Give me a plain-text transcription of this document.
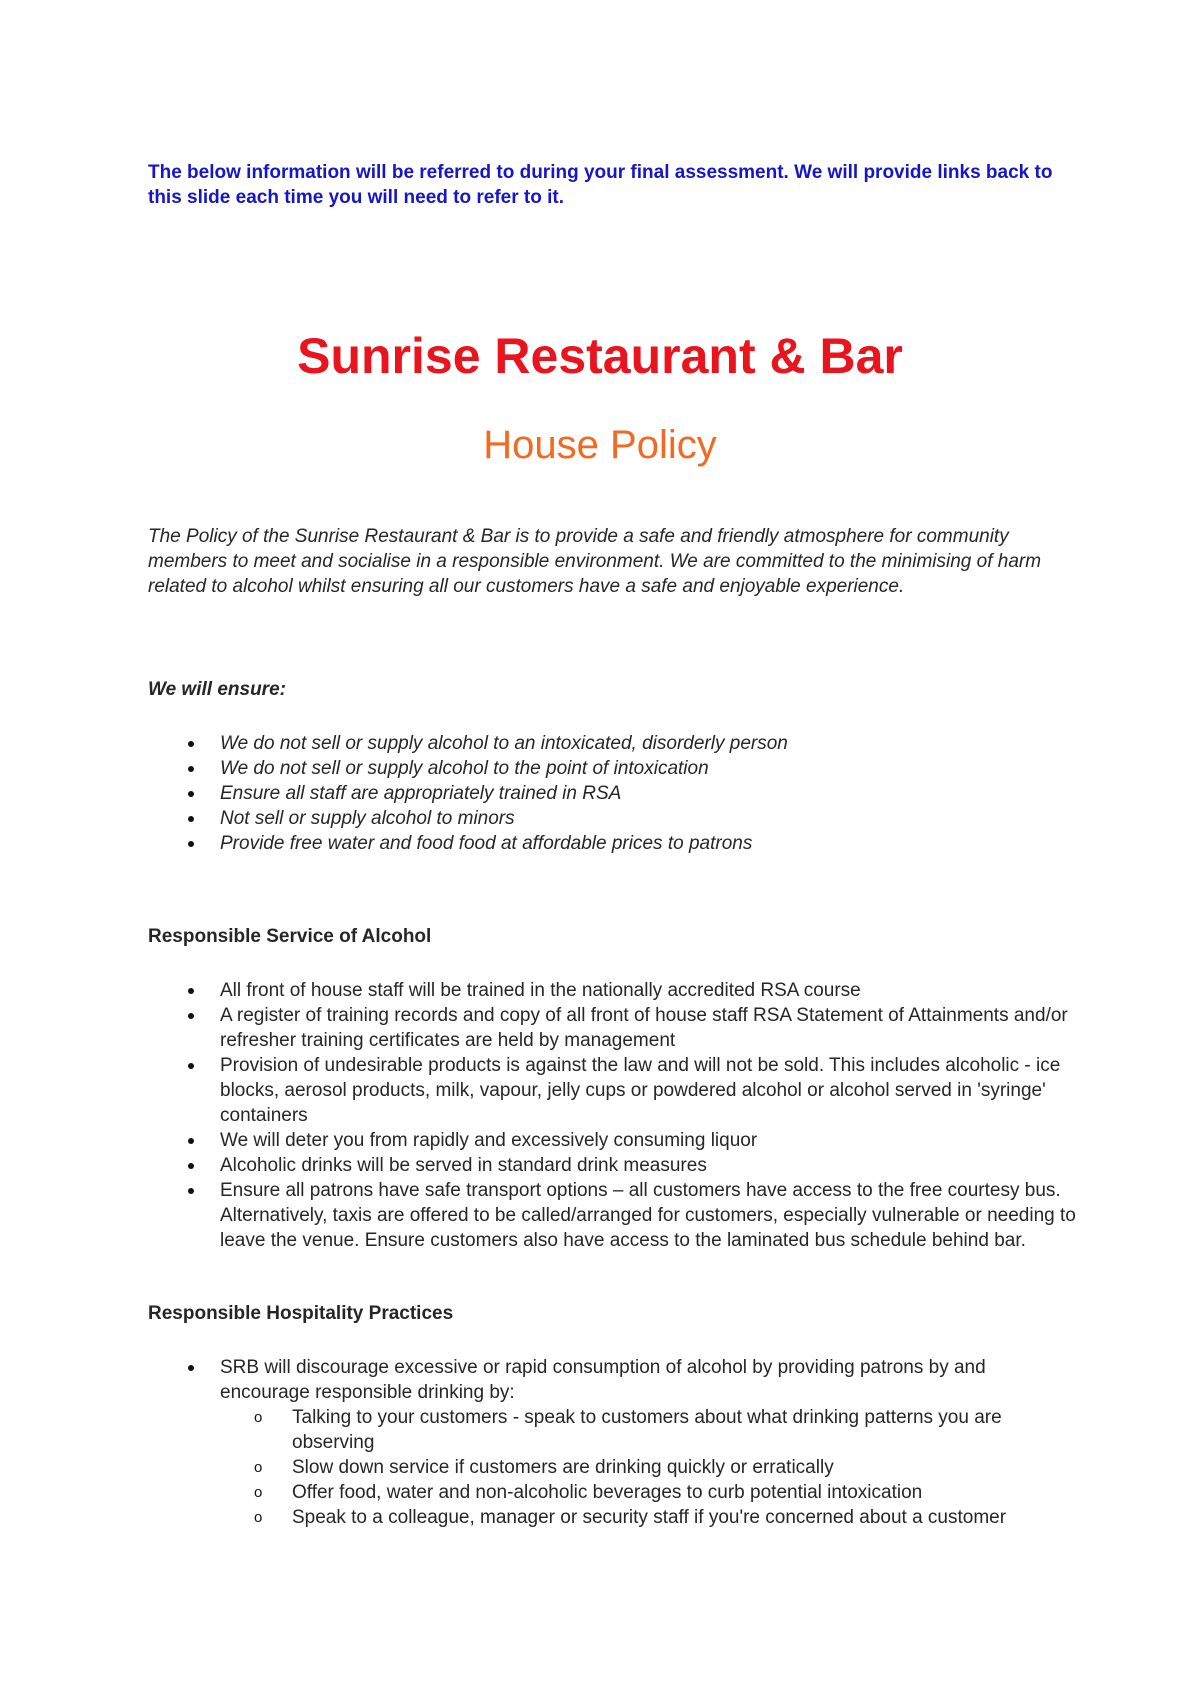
The below information will be referred to during your final assessment. We will provide links back to this slide each time you will need to refer to it.
Sunrise Restaurant & Bar
House Policy
The Policy of the Sunrise Restaurant & Bar is to provide a safe and friendly atmosphere for community members to meet and socialise in a responsible environment. We are committed to the minimising of harm related to alcohol whilst ensuring all our customers have a safe and enjoyable experience.
We will ensure:
We do not sell or supply alcohol to an intoxicated, disorderly person
We do not sell or supply alcohol to the point of intoxication
Ensure all staff are appropriately trained in RSA
Not sell or supply alcohol to minors
Provide free water and food food at affordable prices to patrons
Responsible Service of Alcohol
All front of house staff will be trained in the nationally accredited RSA course
A register of training records and copy of all front of house staff RSA Statement of Attainments and/or refresher training certificates are held by management
Provision of undesirable products is against the law and will not be sold. This includes alcoholic - ice blocks, aerosol products, milk, vapour, jelly cups or powdered alcohol or alcohol served in 'syringe' containers
We will deter you from rapidly and excessively consuming liquor
Alcoholic drinks will be served in standard drink measures
Ensure all patrons have safe transport options – all customers have access to the free courtesy bus. Alternatively, taxis are offered to be called/arranged for customers, especially vulnerable or needing to leave the venue. Ensure customers also have access to the laminated bus schedule behind bar.
Responsible Hospitality Practices
SRB will discourage excessive or rapid consumption of alcohol by providing patrons by and encourage responsible drinking by:
o Talking to your customers - speak to customers about what drinking patterns you are observing
o Slow down service if customers are drinking quickly or erratically
o Offer food, water and non-alcoholic beverages to curb potential intoxication
o Speak to a colleague, manager or security staff if you're concerned about a customer
